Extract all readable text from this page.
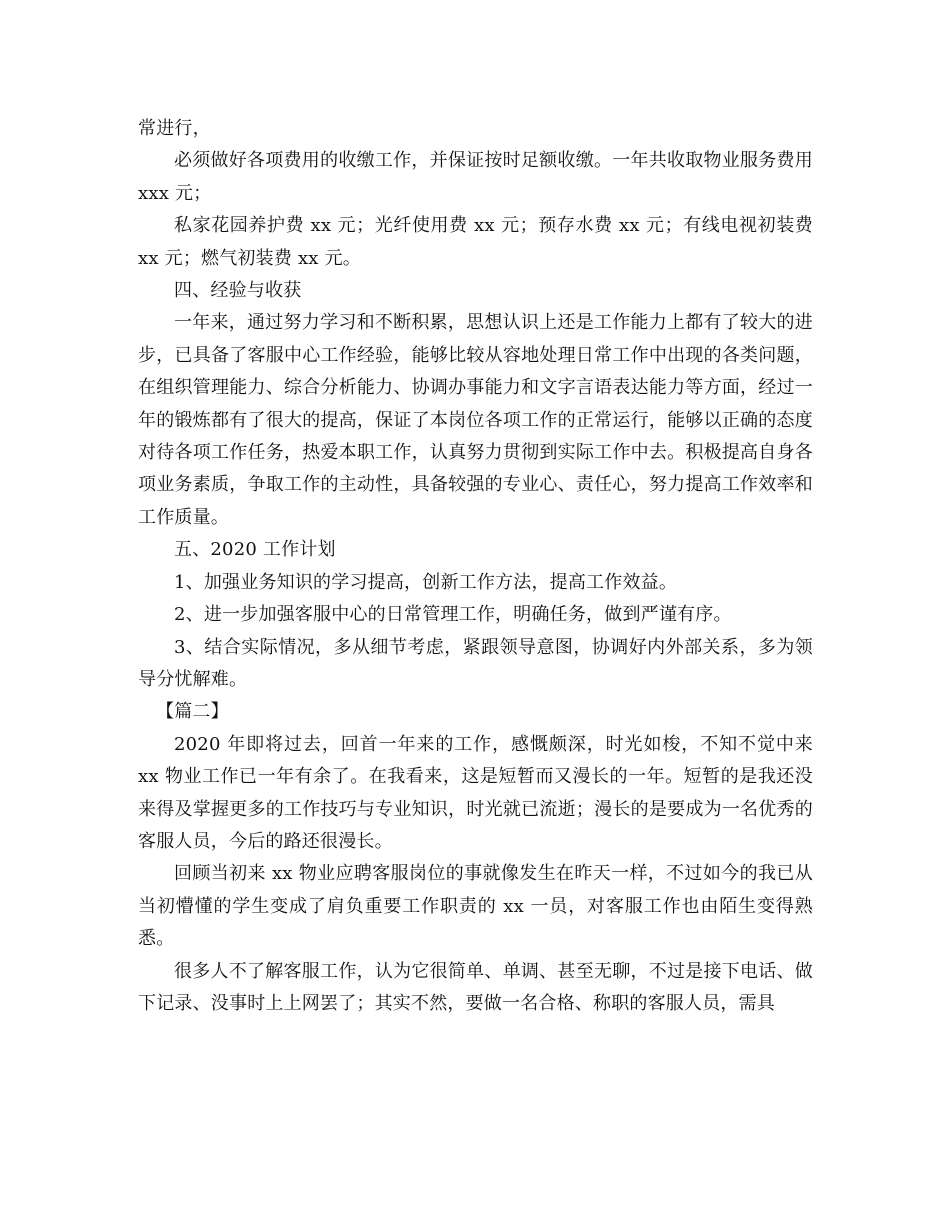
常进行，

必须做好各项费用的收缴工作，并保证按时足额收缴。一年共收取物业服务费用 xxx 元；

私家花园养护费 xx 元；光纤使用费 xx 元；预存水费 xx 元；有线电视初装费 xx 元；燃气初装费 xx 元。

四、经验与收获

一年来，通过努力学习和不断积累，思想认识上还是工作能力上都有了较大的进步，已具备了客服中心工作经验，能够比较从容地处理日常工作中出现的各类问题，在组织管理能力、综合分析能力、协调办事能力和文字言语表达能力等方面，经过一年的锻炼都有了很大的提高，保证了本岗位各项工作的正常运行，能够以正确的态度对待各项工作任务，热爱本职工作，认真努力贯彻到实际工作中去。积极提高自身各项业务素质，争取工作的主动性，具备较强的专业心、责任心，努力提高工作效率和工作质量。

五、2020 工作计划

1、加强业务知识的学习提高，创新工作方法，提高工作效益。

2、进一步加强客服中心的日常管理工作，明确任务，做到严谨有序。

3、结合实际情况，多从细节考虑，紧跟领导意图，协调好内外部关系，多为领导分忧解难。

【篇二】

2020 年即将过去，回首一年来的工作，感慨颇深，时光如梭，不知不觉中来 xx 物业工作已一年有余了。在我看来，这是短暂而又漫长的一年。短暂的是我还没来得及掌握更多的工作技巧与专业知识，时光就已流逝；漫长的是要成为一名优秀的客服人员，今后的路还很漫长。

回顾当初来 xx 物业应聘客服岗位的事就像发生在昨天一样，不过如今的我已从当初懵懂的学生变成了肩负重要工作职责的 xx 一员，对客服工作也由陌生变得熟悉。

很多人不了解客服工作，认为它很简单、单调、甚至无聊，不过是接下电话、做下记录、没事时上上网罢了；其实不然，要做一名合格、称职的客服人员，需具
